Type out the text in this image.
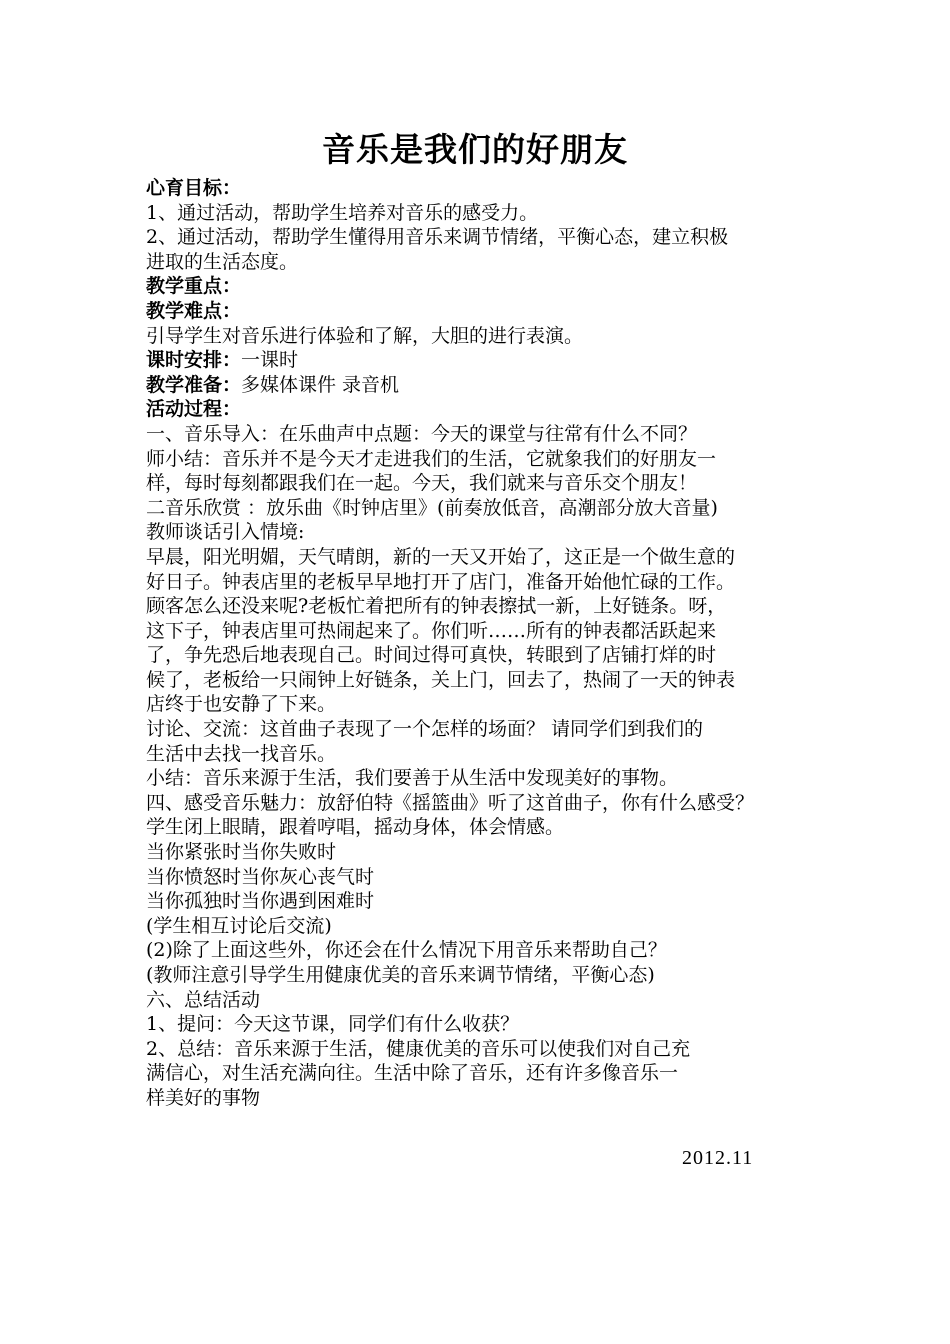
音乐是我们的好朋友
心育目标：
1、通过活动，帮助学生培养对音乐的感受力。
2、通过活动，帮助学生懂得用音乐来调节情绪，平衡心态，建立积极
进取的生活态度。
教学重点：
教学难点：
引导学生对音乐进行体验和了解，大胆的进行表演。
课时安排：一课时
教学准备：多媒体课件 录音机
活动过程：
一、音乐导入：在乐曲声中点题：今天的课堂与往常有什么不同？
师小结：音乐并不是今天才走进我们的生活，它就象我们的好朋友一
样，每时每刻都跟我们在一起。今天，我们就来与音乐交个朋友！
二音乐欣赏 ：放乐曲《时钟店里》(前奏放低音，高潮部分放大音量)
教师谈话引入情境:
早晨，阳光明媚，天气晴朗，新的一天又开始了，这正是一个做生意的
好日子。钟表店里的老板早早地打开了店门，准备开始他忙碌的工作。
顾客怎么还没来呢?老板忙着把所有的钟表擦拭一新，上好链条。呀，
这下子，钟表店里可热闹起来了。你们听……所有的钟表都活跃起来
了，争先恐后地表现自己。时间过得可真快，转眼到了店铺打烊的时
候了，老板给一只闹钟上好链条，关上门，回去了，热闹了一天的钟表
店终于也安静了下来。
讨论、交流：这首曲子表现了一个怎样的场面？ 请同学们到我们的
生活中去找一找音乐。
小结：音乐来源于生活，我们要善于从生活中发现美好的事物。
四、感受音乐魅力：放舒伯特《摇篮曲》听了这首曲子，你有什么感受？
学生闭上眼睛，跟着哼唱，摇动身体，体会情感。
当你紧张时当你失败时
当你愤怒时当你灰心丧气时
当你孤独时当你遇到困难时
(学生相互讨论后交流)
(2)除了上面这些外，你还会在什么情况下用音乐来帮助自己？
(教师注意引导学生用健康优美的音乐来调节情绪，平衡心态)
六、总结活动
1、提问：今天这节课，同学们有什么收获？
2、总结：音乐来源于生活，健康优美的音乐可以使我们对自己充
满信心，对生活充满向往。生活中除了音乐，还有许多像音乐一
样美好的事物
2012.11
